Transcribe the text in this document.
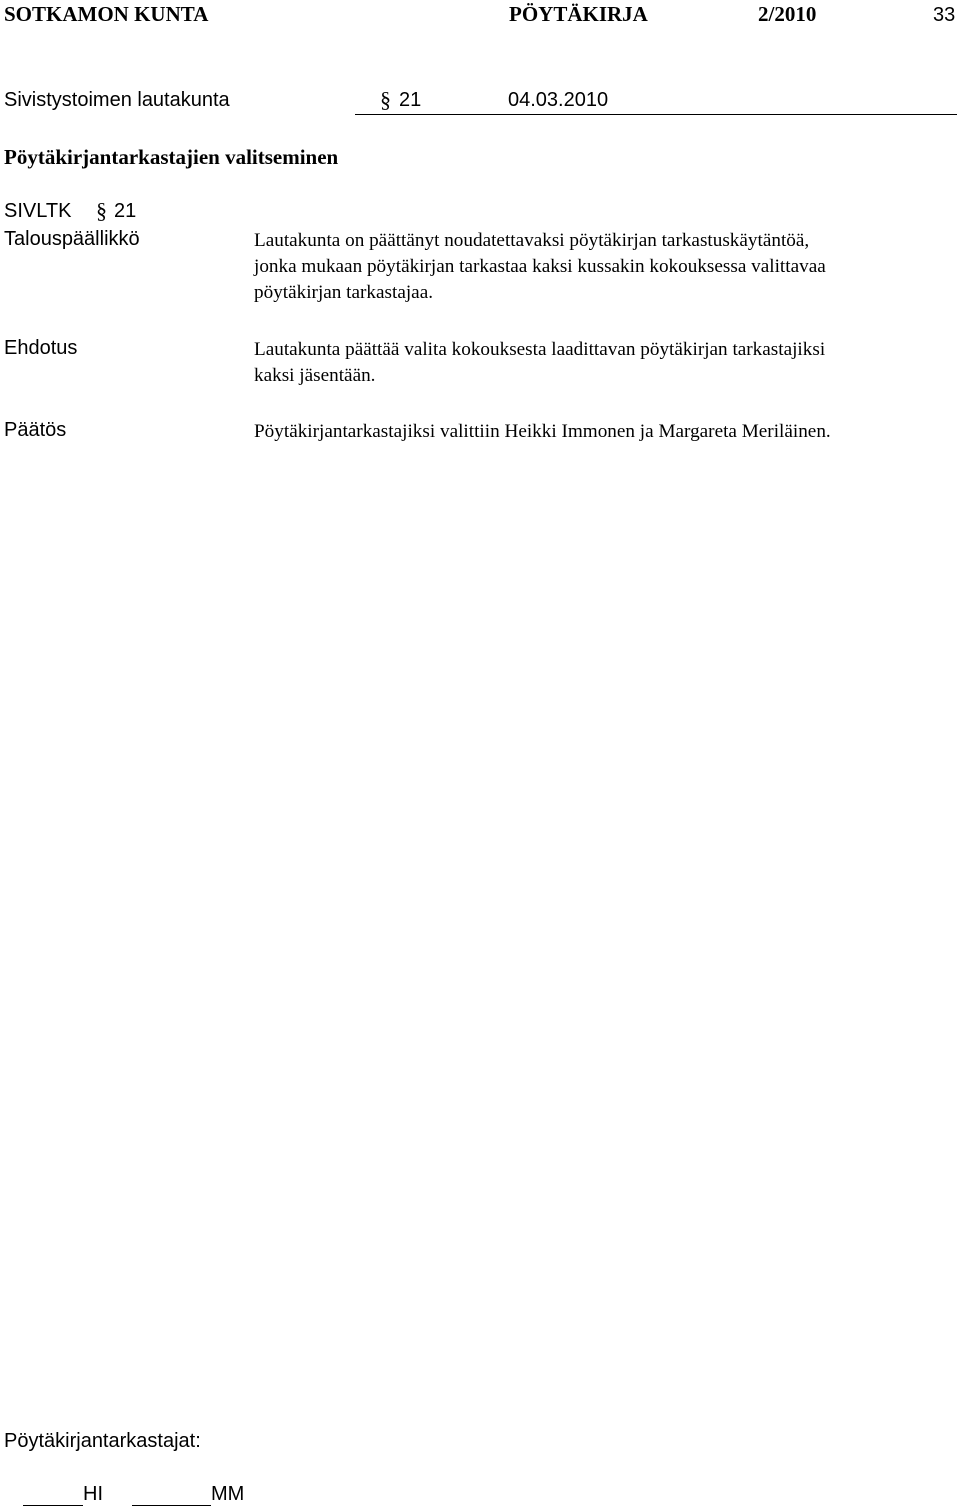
SOTKAMON KUNTA	PÖYTÄKIRJA	2/2010	33
Sivistystoimen lautakunta	§ 21	04.03.2010
Pöytäkirjantarkastajien valitseminen
SIVLTK § 21
Talouspäällikkö	Lautakunta on päättänyt noudatettavaksi pöytäkirjan tarkastuskäytäntöä,
jonka mukaan pöytäkirjan tarkastaa kaksi kussakin kokouksessa valittavaa
pöytäkirjan tarkastajaa.
Ehdotus	Lautakunta päättää valita kokouksesta laadittavan pöytäkirjan tarkastajiksi
kaksi jäsentään.
Päätös	Pöytäkirjantarkastajiksi valittiin Heikki Immonen ja Margareta Meriläinen.
Pöytäkirjantarkastajat:
HI	MM
